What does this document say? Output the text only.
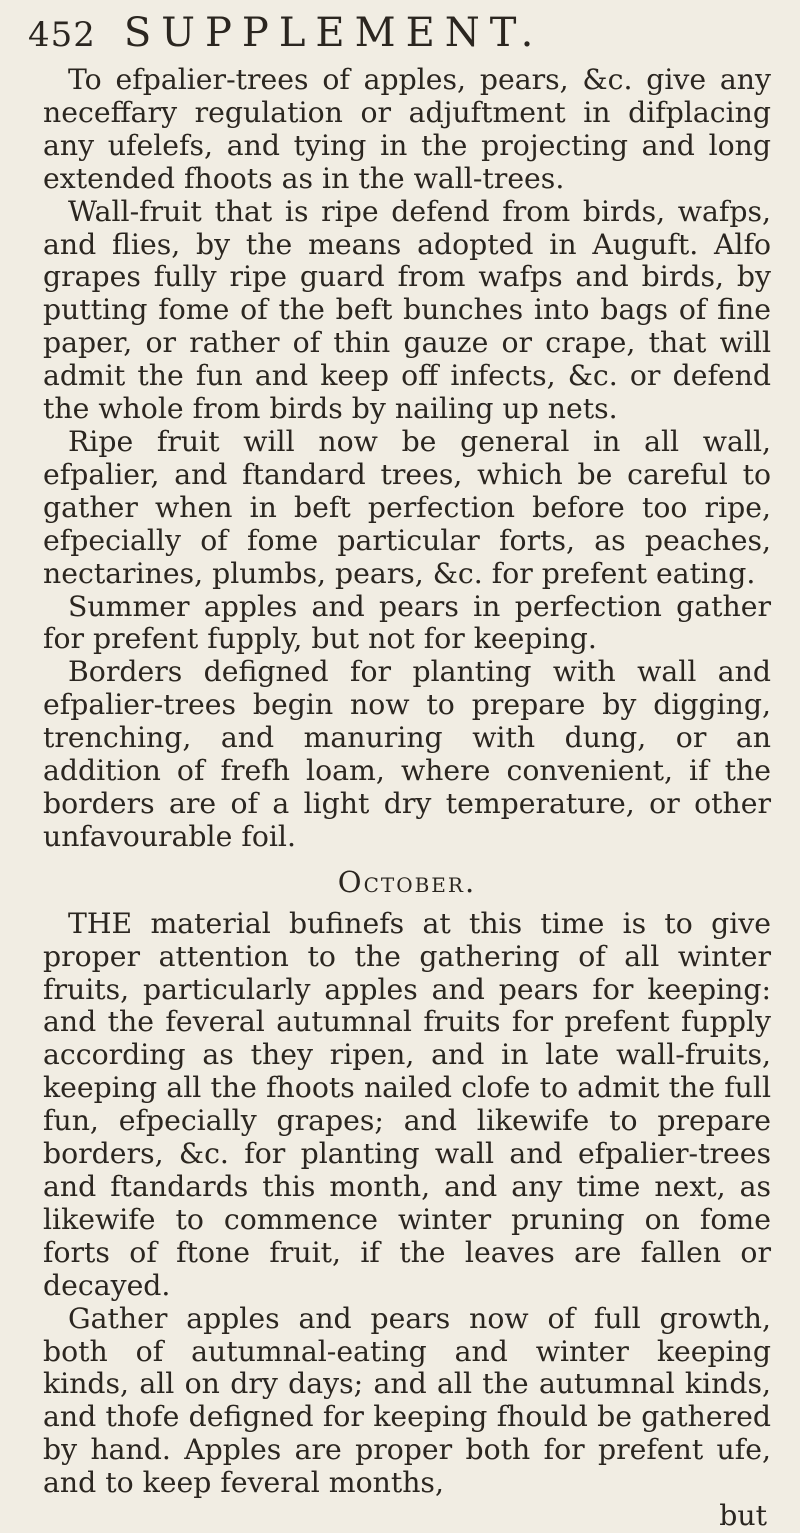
452 SUPPLEMENT.

To efpalier-trees of apples, pears, &c. give any neceffary regulation or adjuftment in difplacing any ufelefs, and tying in the projecting and long extended fhoots as in the wall-trees.

Wall-fruit that is ripe defend from birds, wafps, and flies, by the means adopted in Auguft. Alfo grapes fully ripe guard from wafps and birds, by putting fome of the beft bunches into bags of fine paper, or rather of thin gauze or crape, that will admit the fun and keep off infects, &c. or defend the whole from birds by nailing up nets.

Ripe fruit will now be general in all wall, efpalier, and ftandard trees, which be careful to gather when in beft perfection before too ripe, efpecially of fome particular forts, as peaches, nectarines, plumbs, pears, &c. for prefent eating.

Summer apples and pears in perfection gather for prefent fupply, but not for keeping.

Borders defigned for planting with wall and efpalier-trees begin now to prepare by digging, trenching, and manuring with dung, or an addition of frefh loam, where convenient, if the borders are of a light dry temperature, or other unfavourable foil.

October.

THE material bufinefs at this time is to give proper attention to the gathering of all winter fruits, particularly apples and pears for keeping: and the feveral autumnal fruits for prefent fupply according as they ripen, and in late wall-fruits, keeping all the fhoots nailed clofe to admit the full fun, efpecially grapes; and likewife to prepare borders, &c. for planting wall and efpalier-trees and ftandards this month, and any time next, as likewife to commence winter pruning on fome forts of ftone fruit, if the leaves are fallen or decayed.

Gather apples and pears now of full growth, both of autumnal-eating and winter keeping kinds, all on dry days; and all the autumnal kinds, and thofe defigned for keeping fhould be gathered by hand. Apples are proper both for prefent ufe, and to keep feveral months,

but
